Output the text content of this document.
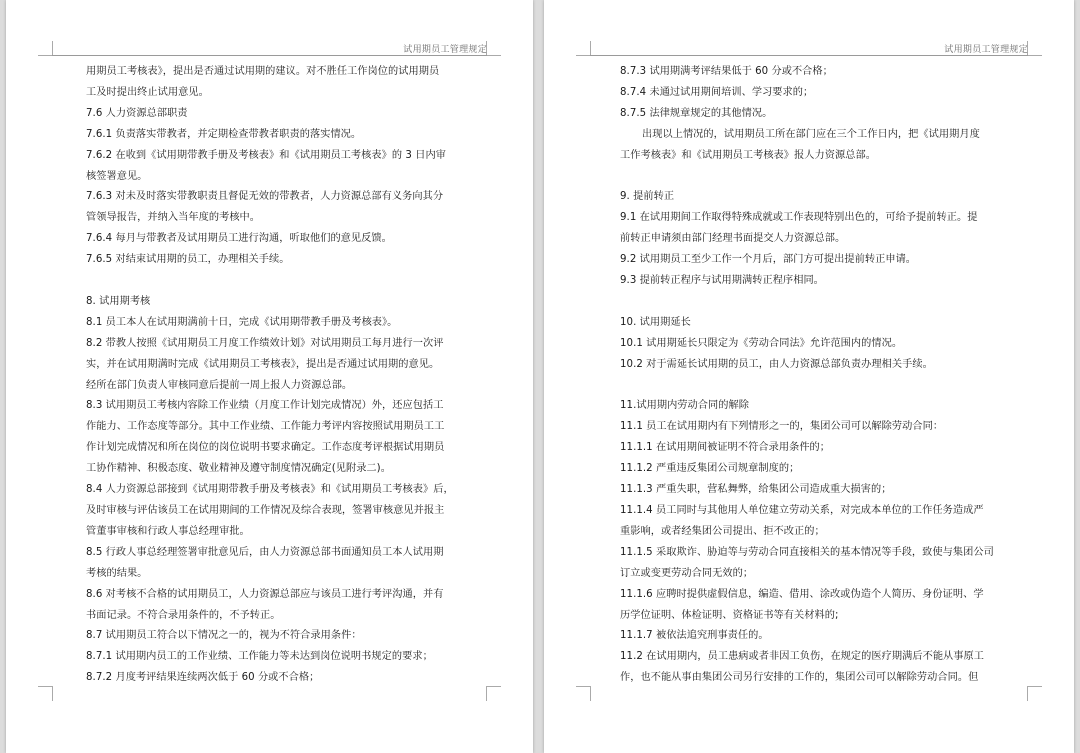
试用期员工管理规定
用期员工考核表》，提出是否通过试用期的建议。对不胜任工作岗位的试用期员
工及时提出终止试用意见。
7.6 人力资源总部职责
7.6.1 负责落实带教者，并定期检查带教者职责的落实情况。
7.6.2 在收到《试用期带教手册及考核表》和《试用期员工考核表》的 3 日内审
核签署意见。
7.6.3 对未及时落实带教职责且督促无效的带教者，人力资源总部有义务向其分
管领导报告，并纳入当年度的考核中。
7.6.4 每月与带教者及试用期员工进行沟通，听取他们的意见反馈。
7.6.5 对结束试用期的员工，办理相关手续。
8. 试用期考核
8.1 员工本人在试用期满前十日，完成《试用期带教手册及考核表》。
8.2 带教人按照《试用期员工月度工作绩效计划》对试用期员工每月进行一次评
实，并在试用期满时完成《试用期员工考核表》，提出是否通过试用期的意见。
经所在部门负责人审核同意后提前一周上报人力资源总部。
8.3 试用期员工考核内容除工作业绩（月度工作计划完成情况）外，还应包括工
作能力、工作态度等部分。其中工作业绩、工作能力考评内容按照试用期员工工
作计划完成情况和所在岗位的岗位说明书要求确定。工作态度考评根据试用期员
工协作精神、积极态度、敬业精神及遵守制度情况确定(见附录二)。
8.4 人力资源总部接到《试用期带教手册及考核表》和《试用期员工考核表》后，
及时审核与评估该员工在试用期间的工作情况及综合表现，签署审核意见并报主
管董事审核和行政人事总经理审批。
8.5 行政人事总经理签署审批意见后，由人力资源总部书面通知员工本人试用期
考核的结果。
8.6 对考核不合格的试用期员工，人力资源总部应与该员工进行考评沟通，并有
书面记录。不符合录用条件的，不予转正。
8.7 试用期员工符合以下情况之一的，视为不符合录用条件：
8.7.1 试用期内员工的工作业绩、工作能力等未达到岗位说明书规定的要求；
8.7.2 月度考评结果连续两次低于 60 分或不合格；
试用期员工管理规定
8.7.3 试用期满考评结果低于 60 分或不合格；
8.7.4 未通过试用期间培训、学习要求的；
8.7.5 法律规章规定的其他情况。
出现以上情况的，试用期员工所在部门应在三个工作日内，把《试用期月度
工作考核表》和《试用期员工考核表》报人力资源总部。
9. 提前转正
9.1 在试用期间工作取得特殊成就或工作表现特别出色的，可给予提前转正。提
前转正申请须由部门经理书面提交人力资源总部。
9.2 试用期员工至少工作一个月后，部门方可提出提前转正申请。
9.3 提前转正程序与试用期满转正程序相同。
10. 试用期延长
10.1 试用期延长只限定为《劳动合同法》允许范围内的情况。
10.2 对于需延长试用期的员工，由人力资源总部负责办理相关手续。
11.试用期内劳动合同的解除
11.1 员工在试用期内有下列情形之一的，集团公司可以解除劳动合同：
11.1.1 在试用期间被证明不符合录用条件的；
11.1.2 严重违反集团公司规章制度的；
11.1.3 严重失职，营私舞弊，给集团公司造成重大损害的；
11.1.4 员工同时与其他用人单位建立劳动关系，对完成本单位的工作任务造成严
重影响，或者经集团公司提出、拒不改正的；
11.1.5 采取欺诈、胁迫等与劳动合同直接相关的基本情况等手段，致使与集团公司
订立或变更劳动合同无效的；
11.1.6 应聘时提供虚假信息，编造、借用、涂改或伪造个人简历、身份证明、学
历学位证明、体检证明、资格证书等有关材料的;
11.1.7 被依法追究刑事责任的。
11.2 在试用期内，员工患病或者非因工负伤，在规定的医疗期满后不能从事原工
作，也不能从事由集团公司另行安排的工作的，集团公司可以解除劳动合同。但
